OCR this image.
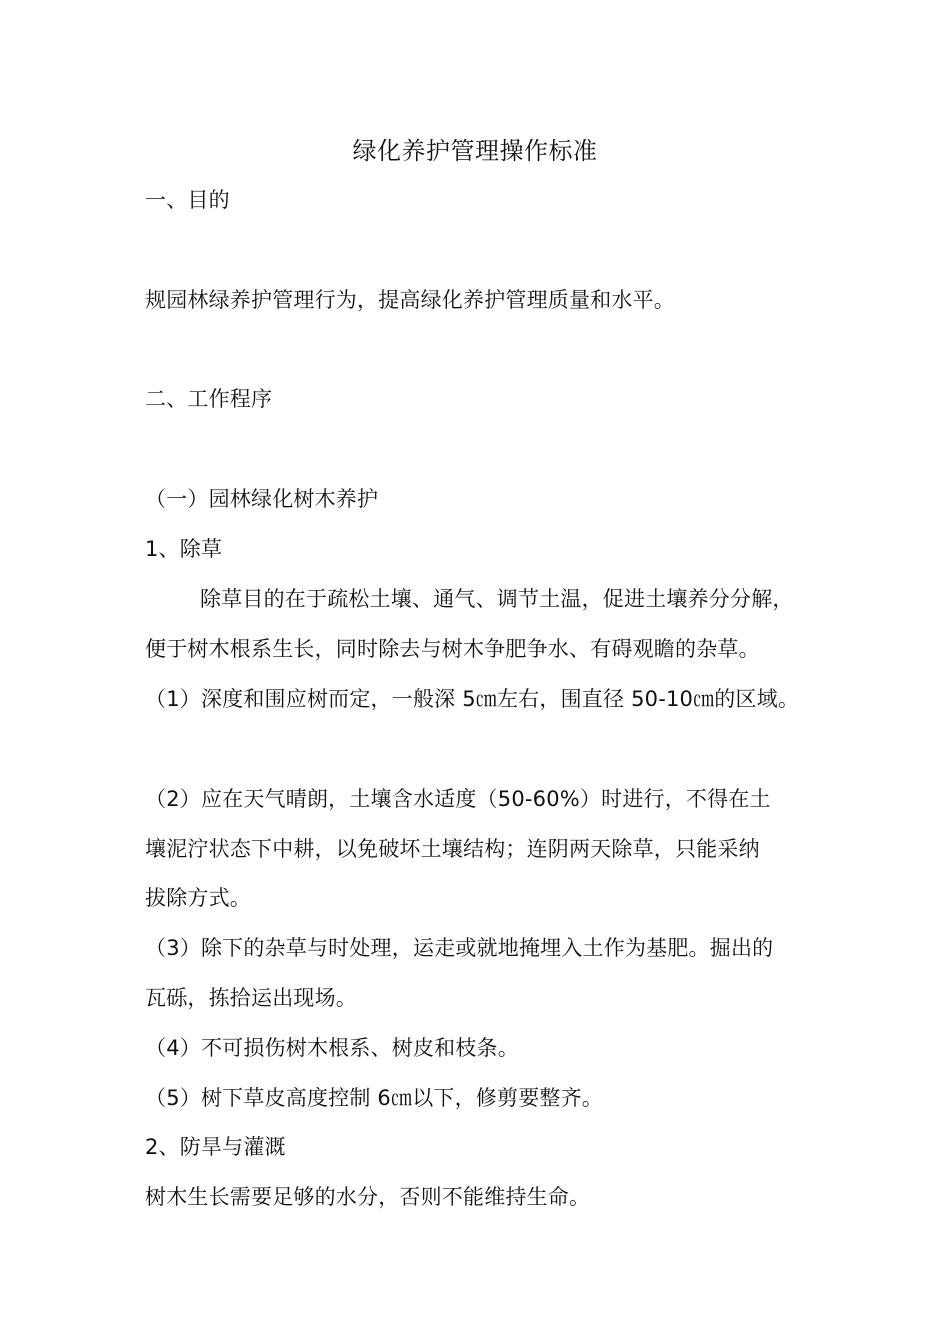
绿化养护管理操作标准
一、目的
规园林绿养护管理行为，提高绿化养护管理质量和水平。
二、工作程序
（一）园林绿化树木养护
1、除草
除草目的在于疏松土壤、通气、调节土温，促进土壤养分分解，
便于树木根系生长，同时除去与树木争肥争水、有碍观瞻的杂草。
（1）深度和围应树而定，一般深 5㎝左右，围直径 50-10㎝的区域。
（2）应在天气晴朗，土壤含水适度（50-60%）时进行，不得在土
壤泥泞状态下中耕，以免破坏土壤结构；连阴两天除草，只能采纳
拔除方式。
（3）除下的杂草与时处理，运走或就地掩埋入土作为基肥。掘出的
瓦砾，拣拾运出现场。
（4）不可损伤树木根系、树皮和枝条。
（5）树下草皮高度控制 6㎝以下，修剪要整齐。
2、防旱与灌溉
树木生长需要足够的水分，否则不能维持生命。
